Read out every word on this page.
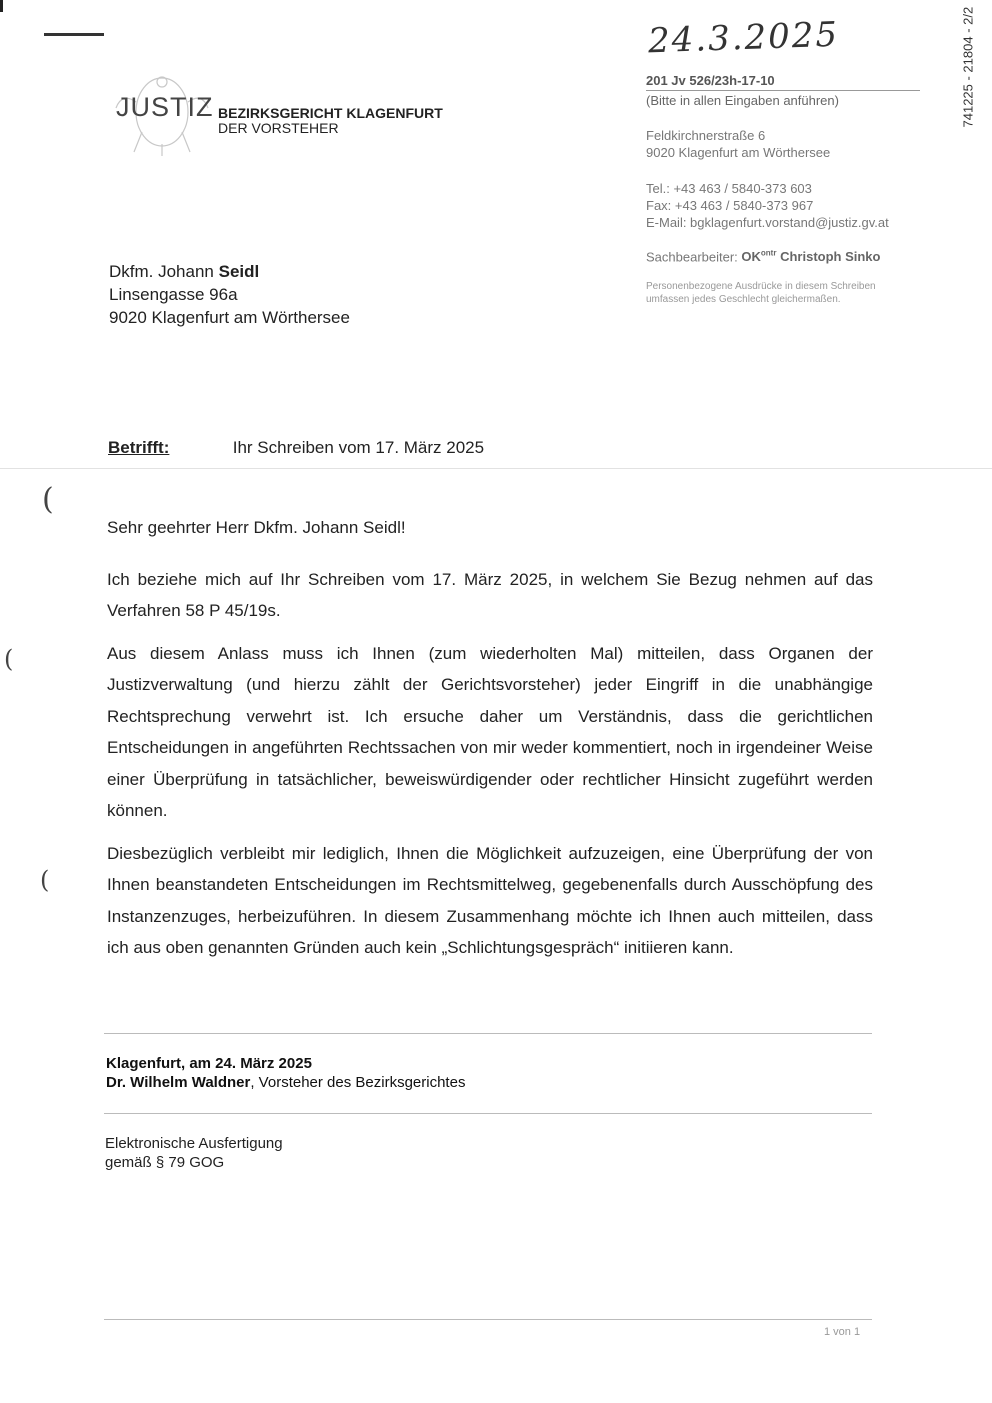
24.3.2025	741225 - 21804 - 2/2
JUSTIZ BEZIRKSGERICHT KLAGENFURT
DER VORSTEHER
201 Jv 526/23h-17-10
(Bitte in allen Eingaben anführen)
Feldkirchnerstraße 6
9020 Klagenfurt am Wörthersee
Tel.: +43 463 / 5840-373 603
Fax: +43 463 / 5840-373 967
E-Mail: bgklagenfurt.vorstand@justiz.gv.at
Sachbearbeiter: $OK^{ontr}$ Christoph Sinko
Personenbezogene Ausdrücke in diesem Schreiben
umfassen jedes Geschlecht gleichermaßen.
Dkfm. Johann Seidl
Linsengasse 96a
9020 Klagenfurt am Wörthersee
Betrifft:	Ihr Schreiben vom 17. März 2025
(
(
(

Sehr geehrter Herr Dkfm. Johann Seidl!

Ich beziehe mich auf Ihr Schreiben vom 17. März 2025, in welchem Sie Bezug nehmen auf das Verfahren 58 P 45/19s.

Aus diesem Anlass muss ich Ihnen (zum wiederholten Mal) mitteilen, dass Organen der Justizverwaltung (und hierzu zählt der Gerichtsvorsteher) jeder Eingriff in die unabhängige Rechtsprechung verwehrt ist. Ich ersuche daher um Verständnis, dass die gerichtlichen Entscheidungen in angeführten Rechtssachen von mir weder kommentiert, noch in irgendeiner Weise einer Überprüfung in tatsächlicher, beweiswürdigender oder rechtlicher Hinsicht zugeführt werden können.

Diesbezüglich verbleibt mir lediglich, Ihnen die Möglichkeit aufzuzeigen, eine Überprüfung der von Ihnen beanstandeten Entscheidungen im Rechtsmittelweg, gegebenenfalls durch Ausschöpfung des Instanzenzuges, herbeizuführen. In diesem Zusammenhang möchte ich Ihnen auch mitteilen, dass ich aus oben genannten Gründen auch kein „Schlichtungsgespräch“ initiieren kann.

Klagenfurt, am 24. März 2025
Dr. Wilhelm Waldner, Vorsteher des Bezirksgerichtes
Elektronische Ausfertigung
gemäß § 79 GOG
1 von 1
